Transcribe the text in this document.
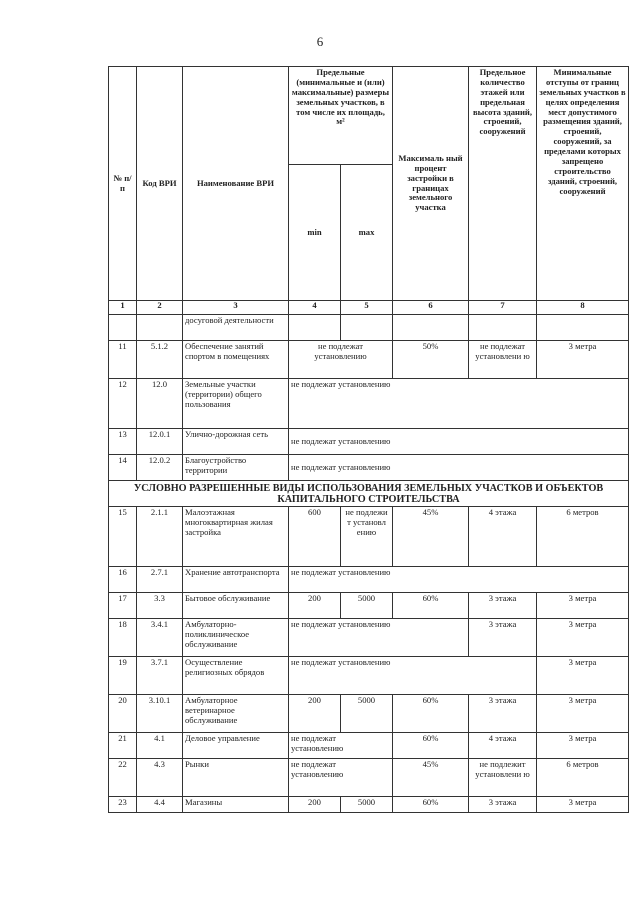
6
№ п/п	Код ВРИ	Наименование ВРИ	Предельные (минимальные и (или) максимальные) размеры земельных участков, в том числе их площадь, м²		Максималь ный процент застройки в границах земельного участка	Предельное количество этажей или предельная высота зданий, строений, сооружений	Минимальные отступы от границ земельных участков в целях определения мест допустимого размещения зданий, строений, сооружений, за пределами которых запрещено строительство зданий, строений, сооружений
			min	max			
1	2	3	4	5	6	7	8
		досуговой деятельности					
11	5.1.2	Обеспечение занятий спортом в помещениях	не подлежат установлению		50%	не подлежат установлени ю	3 метра
12	12.0	Земельные участки (территории) общего пользования	не подлежат установлению				
13	12.0.1	Улично-дорожная сеть	не подлежат установлению				
14	12.0.2	Благоустройство территории	не подлежат установлению				
УСЛОВНО РАЗРЕШЕННЫЕ ВИДЫ ИСПОЛЬЗОВАНИЯ ЗЕМЕЛЬНЫХ УЧАСТКОВ И ОБЪЕКТОВ КАПИТАЛЬНОГО СТРОИТЕЛЬСТВА							
15	2.1.1	Малоэтажная многоквартирная жилая застройка	600	не подлежи т установл ению	45%	4 этажа	6 метров
16	2.7.1	Хранение автотранспорта	не подлежат установлению				
17	3.3	Бытовое обслуживание	200	5000	60%	3 этажа	3 метра
18	3.4.1	Амбулаторно-поликлиническое обслуживание	не подлежат установлению			3 этажа	3 метра
19	3.7.1	Осуществление религиозных обрядов	не подлежат установлению				3 метра
20	3.10.1	Амбулаторное ветеринарное обслуживание	200	5000	60%	3 этажа	3 метра
21	4.1	Деловое управление	не подлежат установлению		60%	4 этажа	3 метра
22	4.3	Рынки	не подлежат установлению		45%	не подлежит установлени ю	6 метров
23	4.4	Магазины	200	5000	60%	3 этажа	3 метра
